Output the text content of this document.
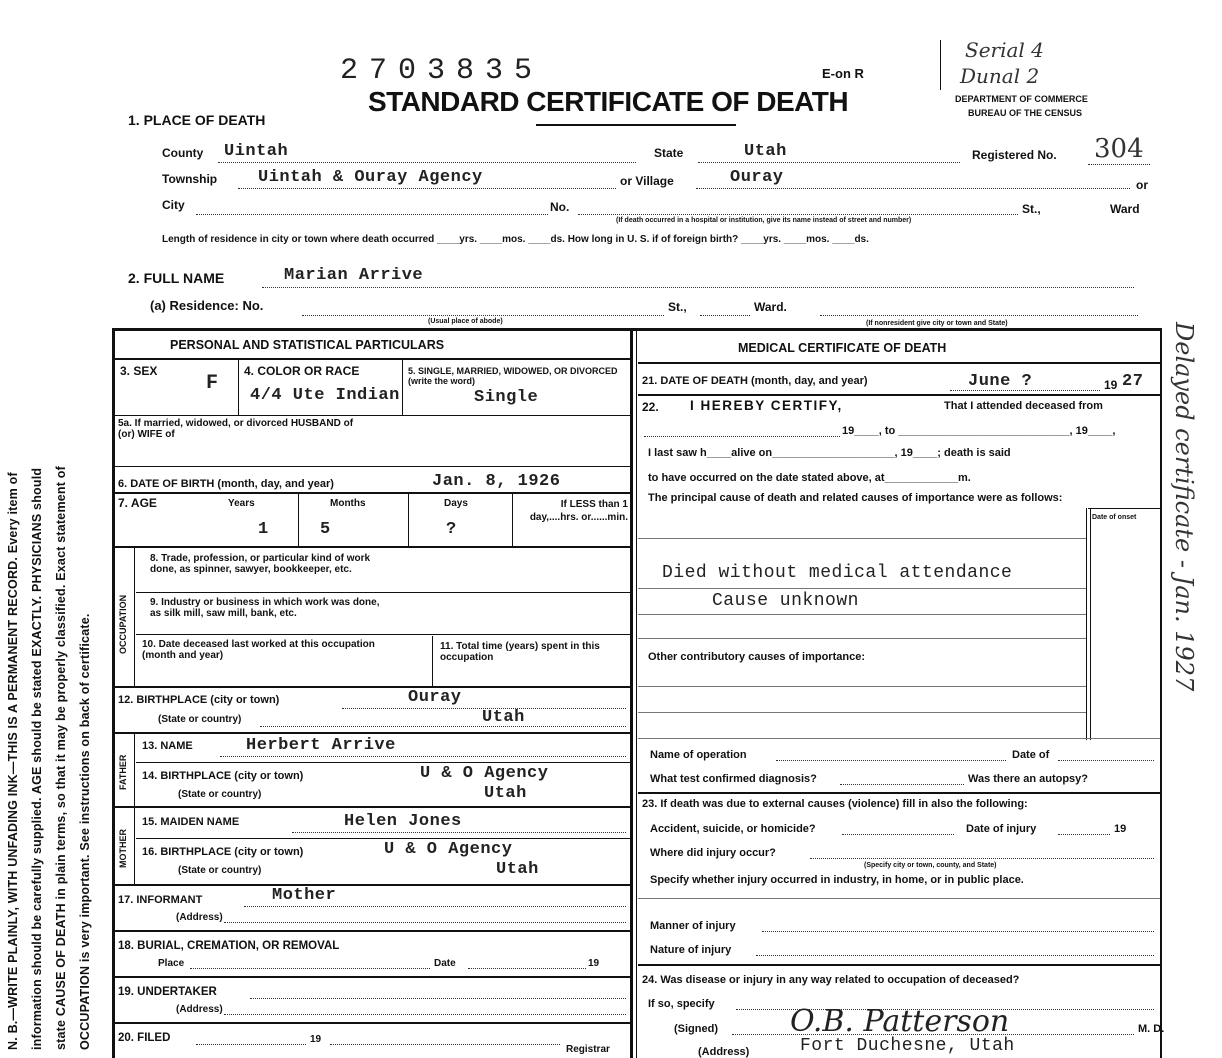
N. B.—WRITE PLAINLY, WITH UNFADING INK—THIS IS A PERMANENT RECORD. Every item of information should be carefully supplied. AGE should be stated EXACTLY. PHYSICIANS should state CAUSE OF DEATH in plain terms, so that it may be properly classified. Exact statement of OCCUPATION is very important. See instructions on back of certificate.
2703835	E-on R
STANDARD CERTIFICATE OF DEATH
Serial 4
Dunal 2
DEPARTMENT OF COMMERCE
BUREAU OF THE CENSUS
1. PLACE OF DEATH
County Uintah	State	Utah	Registered No. 304
Township Uintah & Ouray Agency	or Village	Ouray	or
City	No.	St.,	Ward
(If death occurred in a hospital or institution, give its name instead of street and number)
Length of residence in city or town where death occurred ____yrs. ____mos. ____ds. How long in U. S. if of foreign birth? ____yrs. ____mos. ____ds.
2. FULL NAME	Marian Arrive
(a) Residence: No.	St.,	Ward.
(Usual place of abode)	(If nonresident give city or town and State)
PERSONAL AND STATISTICAL PARTICULARS
3. SEX
F
4. COLOR OR RACE
4/4 Ute Indian
5. SINGLE, MARRIED, WIDOWED, OR DIVORCED (write the word)
Single
5a. If married, widowed, or divorced HUSBAND of (or) WIFE of
6. DATE OF BIRTH (month, day, and year)	Jan. 8, 1926
7. AGE	Years	Months	Days	If LESS than 1 day,....hrs. or......min.
1	5	?
OCCUPATION
8. Trade, profession, or particular kind of work done, as spinner, sawyer, bookkeeper, etc.
9. Industry or business in which work was done, as silk mill, saw mill, bank, etc.
10. Date deceased last worked at this occupation (month and year)
11. Total time (years) spent in this occupation
12. BIRTHPLACE (city or town)	Ouray
(State or country)	Utah
FATHER
13. NAME	Herbert Arrive
14. BIRTHPLACE (city or town)	U & O Agency
(State or country)	Utah
MOTHER
15. MAIDEN NAME	Helen Jones
16. BIRTHPLACE (city or town)	U & O Agency
(State or country)	Utah
17. INFORMANT	Mother
(Address)
18. BURIAL, CREMATION, OR REMOVAL
Place	Date	19
19. UNDERTAKER
(Address)
20. FILED	19
Registrar
MEDICAL CERTIFICATE OF DEATH
21. DATE OF DEATH (month, day, and year)	June ?	19 27
22. I HEREBY CERTIFY,	That I attended deceased from
19____, to ____________________________, 19____,
I last saw h____alive on____________________, 19____; death is said
to have occurred on the date stated above, at____________m.
The principal cause of death and related causes of importance were as follows:
Date of onset
Died without medical attendance
Cause unknown
Other contributory causes of importance:
Name of operation	Date of
What test confirmed diagnosis?	Was there an autopsy?
23. If death was due to external causes (violence) fill in also the following:
Accident, suicide, or homicide?	Date of injury	19
Where did injury occur?
(Specify city or town, county, and State)
Specify whether injury occurred in industry, in home, or in public place.
Manner of injury
Nature of injury
24. Was disease or injury in any way related to occupation of deceased?
If so, specify
(Signed) O.B. Patterson	M. D.
(Address)	Fort Duchesne, Utah
Delayed certificate - Jan. 1927
